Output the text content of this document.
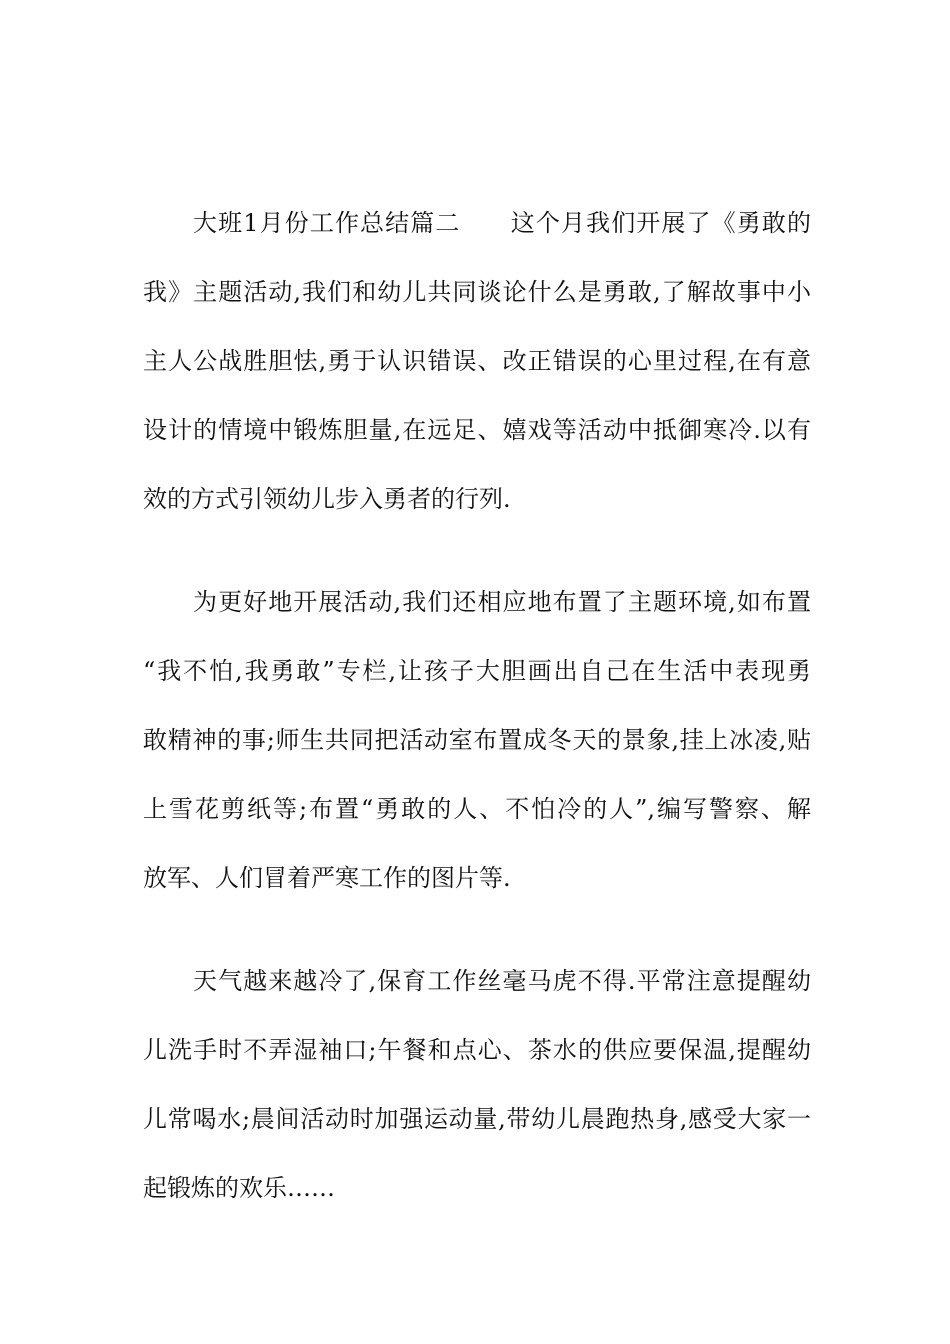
大班1月份工作总结篇二　　这个月我们开展了《勇敢的
我》主题活动,我们和幼儿共同谈论什么是勇敢,了解故事中小
主人公战胜胆怯,勇于认识错误、改正错误的心里过程,在有意
设计的情境中锻炼胆量,在远足、嬉戏等活动中抵御寒冷.以有
效的方式引领幼儿步入勇者的行列.
为更好地开展活动,我们还相应地布置了主题环境,如布置
“我不怕,我勇敢”专栏,让孩子大胆画出自己在生活中表现勇
敢精神的事;师生共同把活动室布置成冬天的景象,挂上冰凌,贴
上雪花剪纸等;布置“勇敢的人、不怕冷的人”,编写警察、解
放军、人们冒着严寒工作的图片等.
天气越来越冷了,保育工作丝毫马虎不得.平常注意提醒幼
儿洗手时不弄湿袖口;午餐和点心、茶水的供应要保温,提醒幼
儿常喝水;晨间活动时加强运动量,带幼儿晨跑热身,感受大家一
起锻炼的欢乐……
